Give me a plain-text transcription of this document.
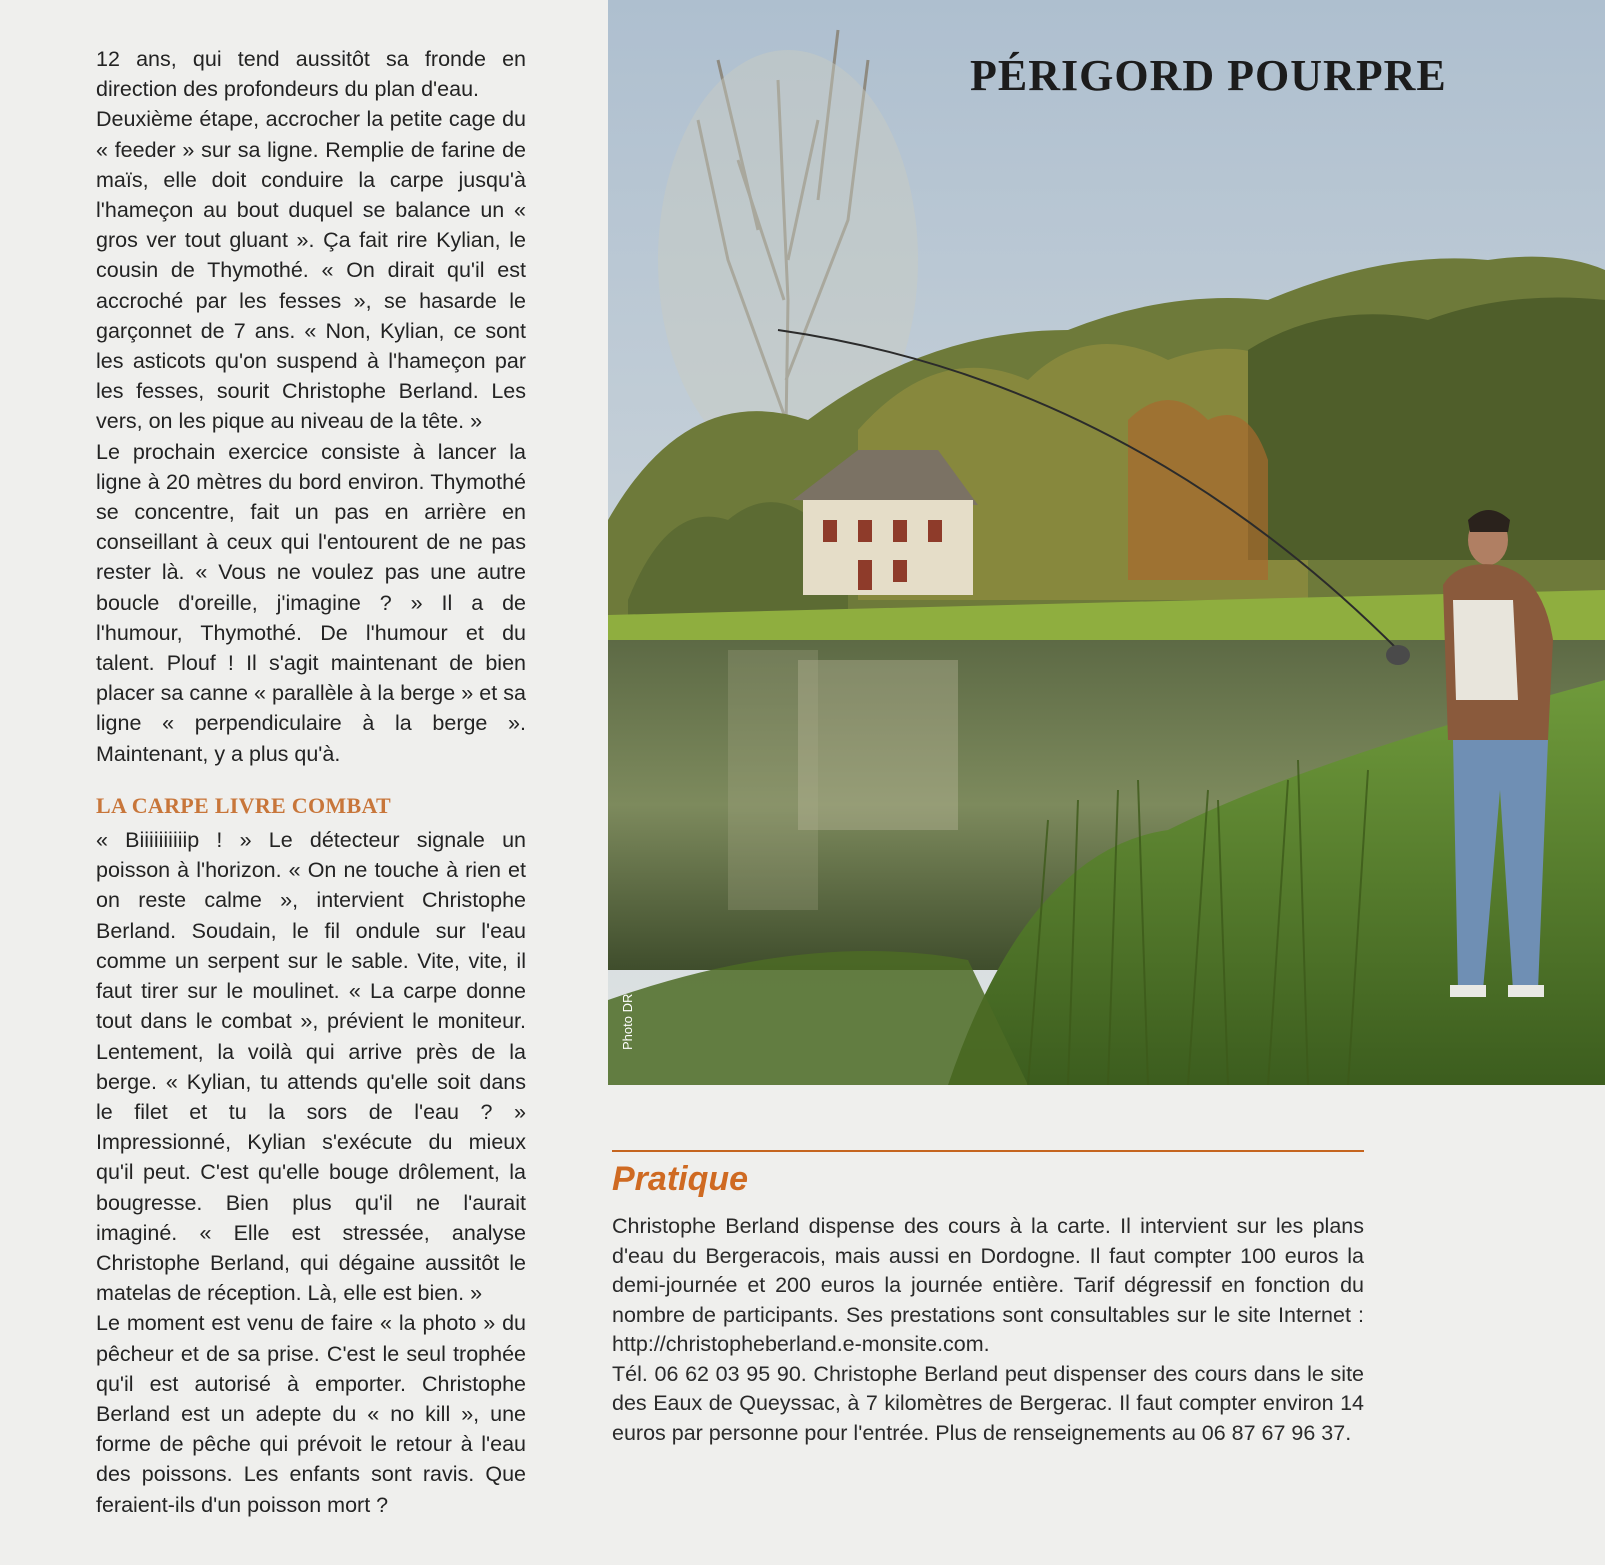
12 ans, qui tend aussitôt sa fronde en direction des profondeurs du plan d'eau.

Deuxième étape, accrocher la petite cage du « feeder » sur sa ligne. Remplie de farine de maïs, elle doit conduire la carpe jusqu'à l'hameçon au bout duquel se balance un « gros ver tout gluant ». Ça fait rire Kylian, le cousin de Thymothé. « On dirait qu'il est accroché par les fesses », se hasarde le garçonnet de 7 ans. « Non, Kylian, ce sont les asticots qu'on suspend à l'hameçon par les fesses, sourit Christophe Berland. Les vers, on les pique au niveau de la tête. »

Le prochain exercice consiste à lancer la ligne à 20 mètres du bord environ. Thymothé se concentre, fait un pas en arrière en conseillant à ceux qui l'entourent de ne pas rester là. « Vous ne voulez pas une autre boucle d'oreille, j'imagine ? » Il a de l'humour, Thymothé. De l'humour et du talent. Plouf ! Il s'agit maintenant de bien placer sa canne « parallèle à la berge » et sa ligne « perpendiculaire à la berge ». Maintenant, y a plus qu'à.

LA CARPE LIVRE COMBAT

« Biiiiiiiiiip ! » Le détecteur signale un poisson à l'horizon. « On ne touche à rien et on reste calme », intervient Christophe Berland. Soudain, le fil ondule sur l'eau comme un serpent sur le sable. Vite, vite, il faut tirer sur le moulinet. « La carpe donne tout dans le combat », prévient le moniteur. Lentement, la voilà qui arrive près de la berge. « Kylian, tu attends qu'elle soit dans le filet et tu la sors de l'eau ? » Impressionné, Kylian s'exécute du mieux qu'il peut. C'est qu'elle bouge drôlement, la bougresse. Bien plus qu'il ne l'aurait imaginé. « Elle est stressée, analyse Christophe Berland, qui dégaine aussitôt le matelas de réception. Là, elle est bien. »

Le moment est venu de faire « la photo » du pêcheur et de sa prise. C'est le seul trophée qu'il est autorisé à emporter. Christophe Berland est un adepte du « no kill », une forme de pêche qui prévoit le retour à l'eau des poissons. Les enfants sont ravis. Que feraient-ils d'un poisson mort ?

PÉRIGORD POURPRE
Photo DR
Pratique

Christophe Berland dispense des cours à la carte. Il intervient sur les plans d'eau du Bergeracois, mais aussi en Dordogne. Il faut compter 100 euros la demi-journée et 200 euros la journée entière. Tarif dégressif en fonction du nombre de participants. Ses prestations sont consultables sur le site Internet : http://christopheberland.e-monsite.com.

Tél. 06 62 03 95 90. Christophe Berland peut dispenser des cours dans le site des Eaux de Queyssac, à 7 kilomètres de Bergerac. Il faut compter environ 14 euros par personne pour l'entrée. Plus de renseignements au 06 87 67 96 37.
